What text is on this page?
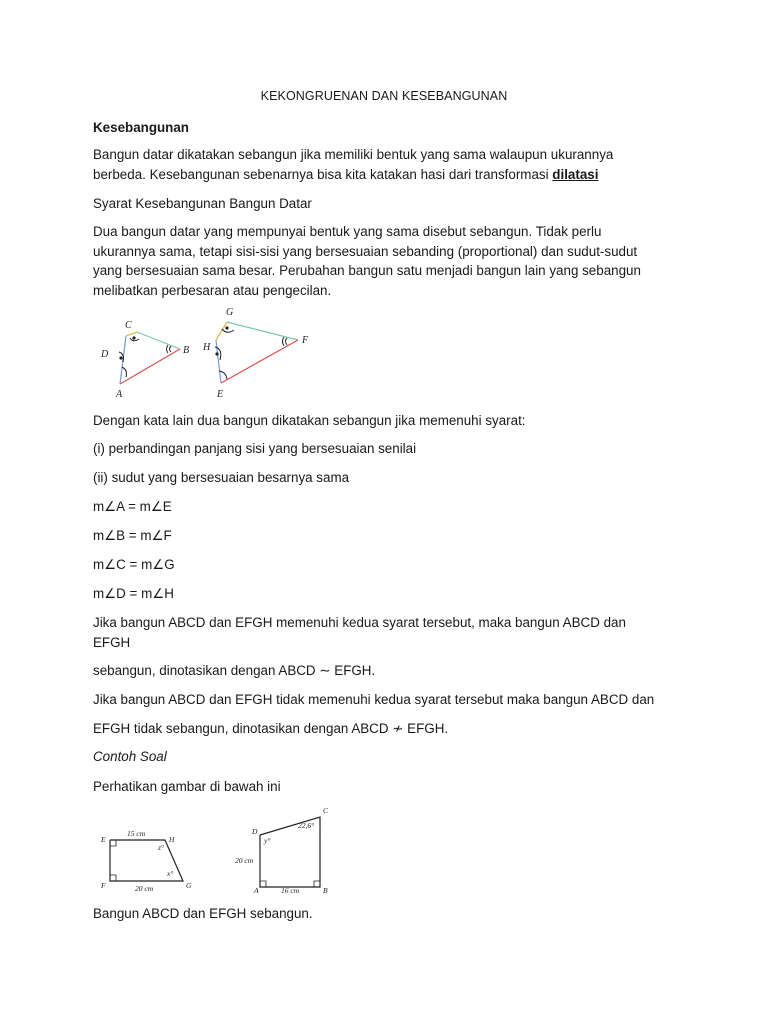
KEKONGRUENAN DAN KESEBANGUNAN

Kesebangunan

Bangun datar dikatakan sebangun jika memiliki bentuk yang sama walaupun ukurannya
berbeda. Kesebangunan sebenarnya bisa kita katakan hasi dari transformasi dilatasi

Syarat Kesebangunan Bangun Datar

Dua bangun datar yang mempunyai bentuk yang sama disebut sebangun. Tidak perlu
ukurannya sama, tetapi sisi-sisi yang bersesuaian sebanding (proportional) dan sudut-sudut
yang bersesuaian sama besar. Perubahan bangun satu menjadi bangun lain yang sebangun
melibatkan perbesaran atau pengecilan.

C
D	B
A
G
H
F
E

Dengan kata lain dua bangun dikatakan sebangun jika memenuhi syarat:

(i) perbandingan panjang sisi yang bersesuaian senilai

(ii) sudut yang bersesuaian besarnya sama

m∠A = m∠E

m∠B = m∠F

m∠C = m∠G

m∠D = m∠H

Jika bangun ABCD dan EFGH memenuhi kedua syarat tersebut, maka bangun ABCD dan
EFGH

sebangun, dinotasikan dengan ABCD ∼ EFGH.

Jika bangun ABCD dan EFGH tidak memenuhi kedua syarat tersebut maka bangun ABCD dan

EFGH tidak sebangun, dinotasikan dengan ABCD ≁ EFGH.

Contoh Soal

Perhatikan gambar di bawah ini

15 cm
20 cm
E	H
F	G
z°
x°
20 cm
16 cm
22,6°
C
D
A	B
y°

Bangun ABCD dan EFGH sebangun.
